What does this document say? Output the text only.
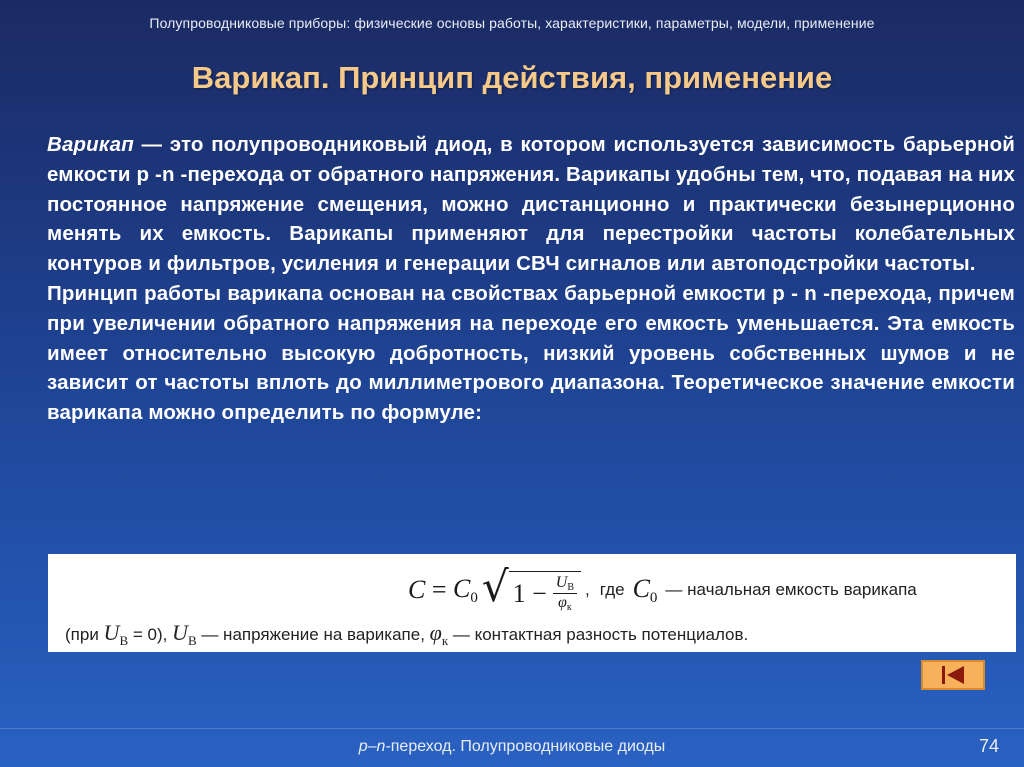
Полупроводниковые приборы: физические основы работы, характеристики, параметры, модели, применение
Варикап. Принцип действия, применение

Варикап — это полупроводниковый диод, в котором используется зависимость барьерной емкости p -n -перехода от обратного напряжения. Варикапы удобны тем, что, подавая на них постоянное напряжение смещения, можно дистанционно и практически безынерционно менять их емкость. Варикапы применяют для перестройки частоты колебательных контуров и фильтров, усиления и генерации СВЧ сигналов или автоподстройки частоты.

Принцип работы варикапа основан на свойствах барьерной емкости p - n -перехода, причем при увеличении обратного напряжения на переходе его емкость уменьшается. Эта емкость имеет относительно высокую добротность, низкий уровень собственных шумов и не зависит от частоты вплоть до миллиметрового диапазона. Теоретическое значение емкости варикапа можно определить по формуле:

$C = C_0$ √ $1 - \frac{U_В}{\varphi_к}$ , где $C_0$ — начальная емкость варикапа
(при $U_В = 0$), $U_В$ — напряжение на варикапе, $\varphi_к$ — контактная разность потенциалов.
p–n-переход. Полупроводниковые диоды	74
